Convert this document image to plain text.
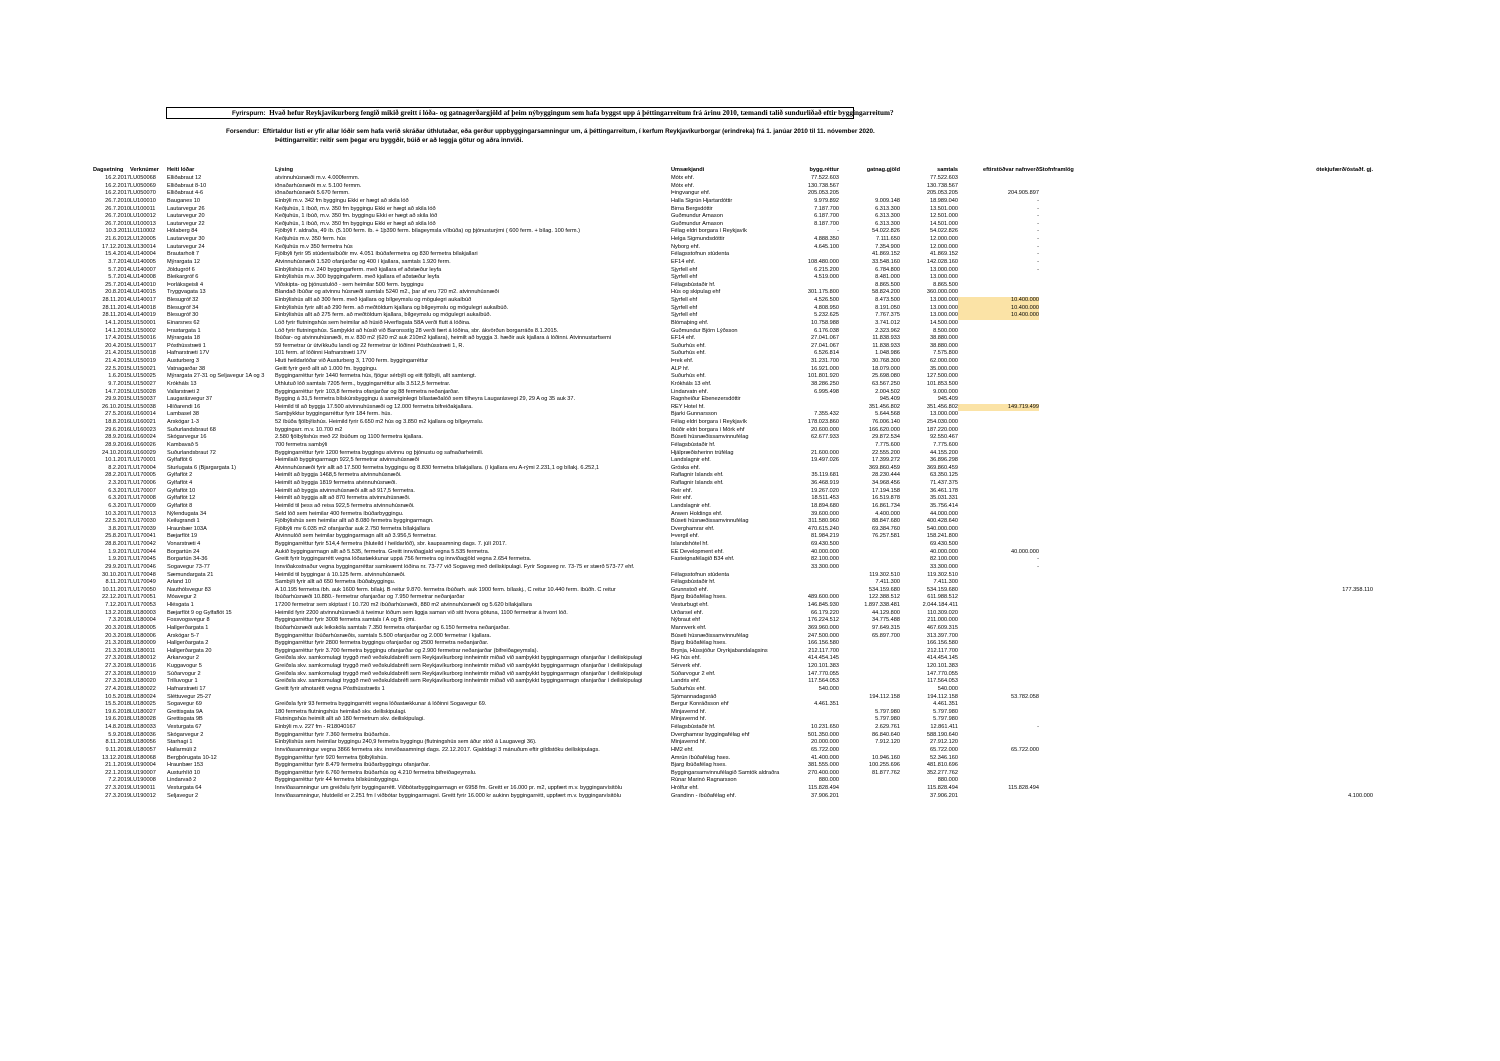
Fyrirspurn: Hvað hefur Reykjavíkurborg fengið mikið greitt í lóða- og gatnagerðargjöld af þeim nýbyggingum sem hafa byggst upp á þéttingarreitum frá árinu 2010, tæmandi talið sundurliðað eftir byggingarreitum?
Forsendur: Eftirtaldur listi er yfir allar lóðir sem hafa verið skráðar úthlutaðar, eða gerður uppbyggingarsamningur um, á þéttingarreitum, í kerfum Reykjavíkurborgar (erindreka) frá 1. janúar 2010 til 11. nóvember 2020.
Þéttingarreitir: reitir sem þegar eru byggðir, búið er að leggja götur og aðra innviði.
Dagsetning	Verknúmer	Heiti lóðar	Lýsing	Umsækjandi	bygg.réttur	gatnag.gjöld	samtals	eftirstöðvar nafnverð	Stofnframlög	ótekjufærð/óstaðf. gj.
16.2.2017	LU050068	Elliðabraut 12	atvinnuhúsnæði m.v. 4.000fermm.	Mótx ehf.	77.522.603		77.522.603			
16.2.2017	LU050069	Elliðabraut 8-10	iðnaðarhúsnæði m.v. 5.100 fermm.	Mótx ehf.	130.738.567		130.738.567			
16.2.2017	LU050070	Elliðabraut 4-6	iðnaðarhúsnæði 5.670 fermm.	Þingvangur ehf.	205.053.205		205.053.205	204.905.897		
26.7.2010	LU100010	Bauganes 10	Einbýli m.v. 342 fm byggingu Ekki er hægt að skila lóð	Halla Sigrún Hjartardóttir	9.979.892	9.009.148	18.989.040	-		
26.7.2010	LU100011	Lautarvegur 26	Keðjuhús, 1 íbúð, m.v. 350 fm byggingu Ekki er hægt að skila lóð	Birna Bergsdóttir	7.187.700	6.313.300	13.501.000	-		
26.7.2010	LU100012	Lautarvegur 20	Keðjuhús, 1 íbúð, m.v. 350 fm. byggingu Ekki er hægt að skila lóð	Guðmundur Árnason	6.187.700	6.313.300	12.501.000	-		
26.7.2010	LU100013	Lautarvegur 22	Keðjuhús, 1 íbúð, m.v. 350 fm byggingu Ekki er hægt að skila lóð	Guðmundur Árnason	8.187.700	6.313.300	14.501.000	-		
10.3.2011	LU110002	Hólaberg 84	Fjölbýli f. aldraða, 49 íb. (5.100 ferm. íb. + 1þ390 ferm. bílageymsla v/íbúða) og þjónusturými ( 600 ferm. + bílag. 100 ferm.)	Félag eldri borgara í Reykjavík	-	54.022.826	54.022.826	-		
21.6.2012	LU120005	Lautarvegur 30	Keðjuhús m.v. 350 ferm. hús	Helga Sigmundsdóttir	4.888.350	7.111.650	12.000.000	-		
17.12.2013	LU130014	Lautarvegur 24	Keðjuhús m.v 350 fermetra hús	Nyborg ehf.	4.645.100	7.354.900	12.000.000	-		
15.4.2014	LU140004	Brautarholt 7	Fjölbýli fyrir 95 stúdentaíbúðir mv. 4.051 íbúðafermetra og 830 fermetra bílakjallari	Félagsstofnun stúdenta		41.869.152	41.869.152	-		
3.7.2014	LU140005	Mýrargata 12	Atvinnuhúsnæði 1.520 ofanjarðar og 400 í kjallara, samtals 1.920 ferm.	EF14 ehf.	108.480.000	33.548.160	142.028.160	-		
5.7.2014	LU140007	Jöldugróf 6	Einbýlishús m.v. 240 byggingarferm. með kjallara ef aðstæður leyfa	Sjyrfell ehf	6.215.200	6.784.800	13.000.000	-		
5.7.2014	LU140008	Bleikargróf 6	Einbýlishús m.v. 300 byggingaferm. með kjallara ef aðstæður leyfa	Sjyrfell ehf	4.519.000	8.481.000	13.000.000			
25.7.2014	LU140010	Þorláksgeisli 4	Viðskipta- og þjónustulóð - sem heimilar 500 ferm. byggingu	Félagsbústaðir hf.		8.865.500	8.865.500			
20.8.2014	LU140015	Tryggvagata 13	Blandað íbúðar og atvinnu húsnæði samtals 5240 m2., þar af eru 720 m2. atvinnuhúsnæði	Hús og skipulag ehf	301.175.800	58.824.200	360.000.000			
28.11.2014	LU140017	Blesugróf 32	Einbýlishús allt að 300 ferm. með kjallara og bílgeymslu og mögulegri aukaíbúð	Sjyrfell ehf	4.526.500	8.473.500	13.000.000	10.400.000		
28.11.2014	LU140018	Blesugróf 34	Einbýlishús fyrir allt að 290 ferm. að meðtöldum kjallara og bílgeymslu og mögulegri aukaíbúð.	Sjyrfell ehf	4.808.950	8.191.050	13.000.000	10.400.000		
28.11.2014	LU140019	Blesugróf 30	Einbýlishús allt að 275 ferm. að meðtöldum kjallara, bílgeymslu og mögulegri aukaíbúð.	Sjyrfell ehf	5.232.625	7.767.375	13.000.000	10.400.000		
14.1.2015	LU150001	Einarsnes 62	Lóð fyrir flutningshús sem heimilar að húsið Hverfisgata 58A verði flutt á lóðina.	Blómaþing ehf.	10.758.988	3.741.012	14.500.000			
14.1.2015	LU150002	Þrastargata 1	Lóð fyrir flutningshús. Samþykkt að húsið við Baronsstíg 28 verði fært á lóðina, sbr. ákvörðun borgarráðs 8.1.2015.	Guðmundur Björn Lýðsson	6.176.038	2.323.962	8.500.000			
17.4.2015	LU150016	Mýrargata 18	Íbúðar- og atvinnuhúsnæði, m.v. 830 m2 (620 m2 auk 210m2 kjallara), heimilt að byggja 3. hæðir auk kjallara á lóðinni. Atvinnustarfsemi	EF14 ehf.	27.041.067	11.838.933	38.880.000			
20.4.2015	LU150017	Pósthússtræti 1	59 fermetrar úr útvíkkuðu landi og 22 fermetrar úr lóðinni Pósthússtræti 1, R.	Suðurhús ehf.	27.041.067	11.838.933	38.880.000			
21.4.2015	LU150018	Hafnarstræti 17V	101 ferm. af lóðinni Hafnarstræti 17V	Suðurhús ehf.	6.526.814	1.048.986	7.575.800			
21.4.2015	LU150019	Austurberg 3	Hluti heildarlóðar við Austurberg 3, 1700 ferm. byggingarréttur	Þrek ehf.	31.231.700	30.768.300	62.000.000			
22.5.2015	LU150021	Vatnagarðar 38	Geitt fyrir gerð allt að 1.000 fm. byggingu.	ALP hf.	16.921.000	18.079.000	35.000.000			
1.6.2015	LU150025	Mýrargata 27-31 og Seljavegur 1A og 3	Byggingarréttur fyrir 1440 fermetra hús, fjögur sérbýli og eitt fjölbýli, allt samtengt.	Suðurhús ehf.	101.801.920	25.698.080	127.500.000			
9.7.2015	LU150027	Krókháls 13	Úthlutuð lóð samtals 7205 ferm., byggingarréttur alls 3.512,5 fermetrar.	Krókháls 13 ehf.	38.286.250	63.567.250	101.853.500			
14.7.2015	LU150028	Vallarstræti 2	Byggingarréttur fyrir 103,8 fermetra ofanjarðar og 88 fermetra neðanjarðar.	Lindarvatn ehf.	6.995.498	2.004.502	9.000.000			
29.9.2015	LU150037	Laugarásvegur 37	Bygging á 31,5 fermetra bílskúrsbyggingu á sameiginlegri bílastæðalóð sem tilheyra Laugarásvegi 29, 29 A og 35 auk 37.	Ragnheiður Ebenezersdóttir		945.409	945.409			
26.10.2015	LU150038	Hlíðarendi 16	Heimild til að byggja 17.500 atvinnuhúsnæði og 12.000 fermetra bifreiðakjallara.	REY Hotel hf.		351.456.802	351.456.802	149.719.499		
27.5.2016	LU160014	Lambasel 38	Samþykktur byggingarréttur fyrir 184 ferm. hús.	Bjarki Gunnarsson	7.355.432	5.644.568	13.000.000			
18.8.2016	LU160021	Árskógar 1-3	52 íbúða fjölbýlishús. Heimild fyrir 6.650 m2 hús og 3.850 m2 kjallara og bílgeymslu.	Félag eldri borgara í Reykjavík	178.023.860	76.006.140	254.030.000			
29.6.2016	LU160023	Suðurlandsbraut 68	byggingarr. m.v. 10.700 m2	Íbúðir eldri borgara í Mörk ehf	20.600.000	166.620.000	187.220.000			
28.9.2016	LU160024	Skógarvegur 16	2.580 fjölbýlishús með 22 íbúðum og 1100 fermetra kjallara.	Búseti húsnæðissamvinnufélag	62.677.933	29.872.534	92.550.467			
28.9.2016	LU160026	Kambavað 5	700 fermetra sambýli	Félagsbústaðir hf.		7.775.600	7.775.600			
24.10.2016	LU160029	Suðurlandsbraut 72	Byggingarréttur fyrir 1200 fermetra byggingu atvinnu og þjónustu og safnaðarheimili.	Hjálpræðisherinn trúfélag	21.600.000	22.555.200	44.155.200			
10.1.2017	LU170001	Gylfaflöt 6	Heimilaið byggingarmagn 922,5 fermetrar atvinnuhúsnæði	Landslagnir ehf.	19.497.026	17.399.272	36.896.298			
8.2.2017	LU170004	Sturlugata 6 (Bjargargata 1)	Atvinnuhúsnæði fyrir allt að 17.500 fermetra byggingu og 8.830 fermetra bílakjallara. (í kjallara eru A-rými 2.231,1 og bílakj. 6.252,1	Gróska ehf.		369.860.459	369.860.459			
28.2.2017	LU170005	Gylfaflöt 2	Heimilt að byggja 1468,5 fermetra atvinnuhúsnæði.	Raflagnir Íslands ehf.	35.119.681	28.230.444	63.350.125			
2.3.2017	LU170006	Gylfaflöt 4	Heimilt að byggja 1819 fermetra atvinnuhúsnæði.	Raflagnir Íslands ehf.	36.468.919	34.968.456	71.437.375			
6.3.2017	LU170007	Gylfaflöt 10	Heimilt að byggja atvinnuhúsnæði allt að 917,5 fermetra.	Reir ehf.	19.267.020	17.194.158	36.461.178			
6.3.2017	LU170008	Gylfaflöt 12	Heimilt að byggja allt að 870 fermetra atvinnuhúsnæði.	Reir ehf.	18.511.453	16.519.878	35.031.331			
6.3.2017	LU170009	Gylfaflöt 8	Heimild til þess að reisa 922,5 fermetra atvinnuhúsnæði.	Landslagnir ehf.	18.894.680	16.861.734	35.756.414			
10.3.2017	LU170013	Nýlendugata 34	Seld lóð sem heimilar 400 fermetra íbúðarbyggingu.	Anwen Holdings ehf.	39.600.000	4.400.000	44.000.000			
22.5.2017	LU170030	Keilugrandi 1	Fjölbýlishús sem heimilar allt að 8.080 fermetra byggingarmagn.	Búseti húsnæðissamvinnufélag	311.580.960	88.847.680	400.428.640			
3.8.2017	LU170039	Hraunbær 103A	Fjölbýli mv 6.035 m2 ofanjarðar auk 2.750 fermetra bílakjallara	Dverghamrar ehf.	470.615.240	69.384.760	540.000.000			
25.8.2017	LU170041	Bæjarflöt 19	Atvinnulóð sem heimilar byggingarmagn allt að 3.956,5 fermetrar.	Þvergil ehf.	81.984.219	76.257.581	158.241.800			
28.8.2017	LU170042	Vonarstræti 4	Byggingarréttur fyrir 514,4 fermetra (hluteild í heildarlóð), sbr. kaupsamning dags. 7. júlí 2017.	Íslandshótel hf.	69.430.500		69.430.500			
1.9.2017	LU170044	Borgartún 24	Aukið byggingarmagn allt að 5.535, fermetra. Greitt innviðagjald vegna 5.535 fermetra.	EE Development ehf.	40.000.000		40.000.000	40.000.000		
1.9.2017	LU170045	Borgartún 34-36	Greitt fyrir byggingarrétt vegna lóðastækkunar uppá 756 fermetra og innviðagjöld vegna 2.654 fermetra.	Fasteignafélagið B34 ehf.	82.100.000		82.100.000	-		
29.9.2017	LU170046	Sogavegur 73-77	Innviðakostnaður vegna byggingarréttar samkvæmt lóðina nr. 73-77 við Sogaveg með deiliskipulagi. Fyrir Sogaveg nr. 73-75 er stærð 573-77 ehf.		33.300.000		33.300.000	-		
30.10.2017	LU170048	Sæmundargata 21	Heimild til byggingar á 10.125 ferm. atvinnuhúsnæði.	Félagsstofnun stúdenta		119.302.510	119.302.510			
8.11.2017	LU170049	Árland 10	Sambýli fyrir allt að 650 fermetra íbúðabyggingu.	Félagsbústaðir hf.		7.411.300	7.411.300			
10.11.2017	LU170050	Nauthólsvegur 83	A 10.195 fermetra íbh. auk 1600 ferm. bílakj. B reitur 9.870. fermetra íbúðarh. auk 1900 ferm. bílaskj., C reitur 10.440 ferm. íbúðh. C reitur	Grunnstoð ehf.		534.159.680	534.159.680			177.358.110
22.12.2017	LU170051	Móavegur 2	Íbúðarhúsnæði 10.880.- fermetrar ofanjarðar og 7.950 fermetrar neðanjarðar	Bjarg íbúðafélag hses.	489.600.000	122.388.512	611.988.512			
7.12.2017	LU170053	Hlésgata 1	17200 fermetrar sem skiptast í 10.720 m2 íbúðarhúsnæði, 880 m2 atvinnuhúsnæði og 5.620 bílakjallara	Vesturbugt ehf.	146.845.930	1.897.338.481	2.044.184.411			
13.2.2018	LU180003	Bæjarflöt 9 og Gylfaflöt 15	Heimild fyrir 2200 atvinnuhúsnæði á tveimur lóðum sem liggja saman við sitt hvora götuna, 1100 fermetrar á hvorri lóð.	Urðarsel ehf.	66.179.220	44.129.800	110.309.020			
7.3.2018	LU180004	Fossvogsvegur 8	Byggingarréttur fyrir 3008 fermetra samtals í A og B rými.	Nýbraut ehf	176.224.512	34.775.488	211.000.000			
20.3.2018	LU180005	Hallgerðargata 1	Íbúðarhúsnæði auk leikskóla samtals 7.350 fermetra ofanjarðar og 6.150 fermetra neðanjarðar.	Mannverk ehf.	369.960.000	97.649.315	467.609.315			
20.3.2018	LU180006	Árskógar 5-7	Byggingarréttur íbúðarhúsnæðis, samtals 5.500 ofanjarðar og 2.000 fermetrar í kjallara.	Búseti húsnæðissamvinnufélag	247.500.000	65.897.700	313.397.700			
21.3.2018	LU180009	Hallgerðargata 2	Byggingarréttur fyrir 2800 fermetra byggingu ofanjarðar og 2500 fermetra neðanjarðar.	Bjarg íbúðafélag hses.	166.156.580		166.156.580			
21.3.2018	LU180011	Hallgerðargata 20	Byggingarréttur fyrir 3.700 fermetra byggingu ofanjarðar og 2.900 fermetrar neðanjarðar (bifreiðageymsla).	Brynja, Hússjóður Öryrkjabandalagsins	212.117.700		212.117.700			
27.3.2018	LU180012	Arkarvogur 2	Greiðsla skv. samkomulagi tryggð með veðskuldabréfi sem Reykjavíkurborg innheimtir miðað við samþykkt byggingarmagn ofanjarðar í deiliskipulagi	HG hús ehf.	414.454.145		414.454.145			
27.3.2018	LU180016	Kuggavogur 5	Greiðsla skv. samkomulagi tryggð með veðskuldabréfi sem Reykjavíkurborg innheimtir miðað við samþykkt byggingarmagn ofanjarðar í deiliskipulagi	Sérverk ehf.	120.101.383		120.101.383			
27.3.2018	LU180019	Súðarvogur 2	Greiðsla skv. samkomulagi tryggð með veðskuldabréfi sem Reykjavíkurborg innheimtir miðað við samþykkt byggingarmagn ofanjarðar í deiliskipulagi	Súðarvogur 2 ehf.	147.770.055		147.770.055			
27.3.2018	LU180020	Trilluvogur 1	Greiðsla skv. samkomulagi tryggð með veðskuldabréfi sem Reykjavíkurborg innheimtir miðað við samþykkt byggingarmagn ofanjarðar í deiliskipulagi	Landris ehf.	117.564.053		117.564.053			
27.4.2018	LU180022	Hafnarstræti 17	Greitt fyrir afnotarétt vegna Pósthússtrætis 1	Suðurhús ehf.	540.000		540.000			
10.5.2018	LU180024	Sléttuvegur 25-27		Sjómannadagsráð		194.112.158	194.112.158	53.782.058		
15.5.2018	LU180025	Sogavegur 69	Greiðsla fyrir 93 fermetra byggingarrétt vegna lóðastækkunar á lóðinni Sogavegur 69.	Bergur Konráðsson ehf	4.461.351		4.461.351			
19.6.2018	LU180027	Grettisgata 9A	180 fermetra flutningshús heimilað skv. deiliskipulagi.	Minjavernd hf.		5.797.980	5.797.980			
19.6.2018	LU180028	Grettisgata 9B	Flutningshús heimilt allt að 180 fermetrum skv. deiliskipulagi.	Minjavernd hf.		5.797.980	5.797.980			
14.8.2018	LU180033	Vesturgata 67	Einbýli m.v. 227 fm - R18040167	Félagsbústaðir hf.	10.231.650	2.629.761	12.861.411	-		
5.9.2018	LU180036	Skógarvegur 2	Byggingarréttur fyrir 7.360 fermetra íbúðarhús.	Dverghamrar byggingafélag ehf	501.350.000	86.840.640	588.190.640			
8.11.2018	LU180056	Starhagi 1	Einbýlishús sem heimilar byggingu 240,9 fermetra byggingu (flutningshús sem áður stóð á Laugavegi 36).	Minjavernd hf.	20.000.000	7.912.120	27.912.120			
9.11.2018	LU180057	Hallarmúli 2	Innviðasamningur vegna 3866 fermetra skv. innviðasamningi dags. 22.12.2017. Gjalddagi 3 mánuðum eftir gildistöku deiliskipulags.	HM2 ehf.	65.722.000		65.722.000	65.722.000		
13.12.2018	LU180068	Bergþórugata 10-12	Byggingarréttur fyrir 920 fermetra fjölbýlishús.	Amrún íbúðafélag hses.	41.400.000	10.946.160	52.346.160			
21.1.2019	LU190004	Hraunbær 153	Byggingarréttur fyrir 8.479 fermetra íbúðarbyggingu ofanjarðar.	Bjarg íbúðafélag hses.	381.555.000	100.255.696	481.810.696			
22.1.2019	LU190007	Austurhlíð 10	Byggingarréttur fyrir 6.760 fermetra íbúðarhús og 4.210 fermetra bifreiðageymslu.	Byggingarsamvinnufélagið Samtök aldraðra	270.400.000	81.877.762	352.277.762			
7.2.2019	LU190008	Lindarvað 2	Byggingarréttur fyrir 44 fermetra bílskúrsbyggingu.	Rúnar Marinó Ragnarsson	880.000		880.000			
27.3.2019	LU190011	Vesturgata 64	Innviðasamningur um greiðslu fyrir byggingarrétt. Viðbótarbyggingarmagn er 6958 fm. Greitt er 16.000 pr. m2, uppfært m.v. byggingarvísitölu	Hrólfur ehf.	115.828.494		115.828.494	115.828.494		
27.3.2019	LU190012	Seljavegur 2	Innviðasamningur, hlutdeild er 2.251 fm í viðbótar byggingarmagni. Greitt fyrir 16.000 kr aukinn byggingarrétt, uppfært m.v. byggingarvísitölu	Grandinn - íbúðafélag ehf.	37.906.201		37.906.201			4.100.000
